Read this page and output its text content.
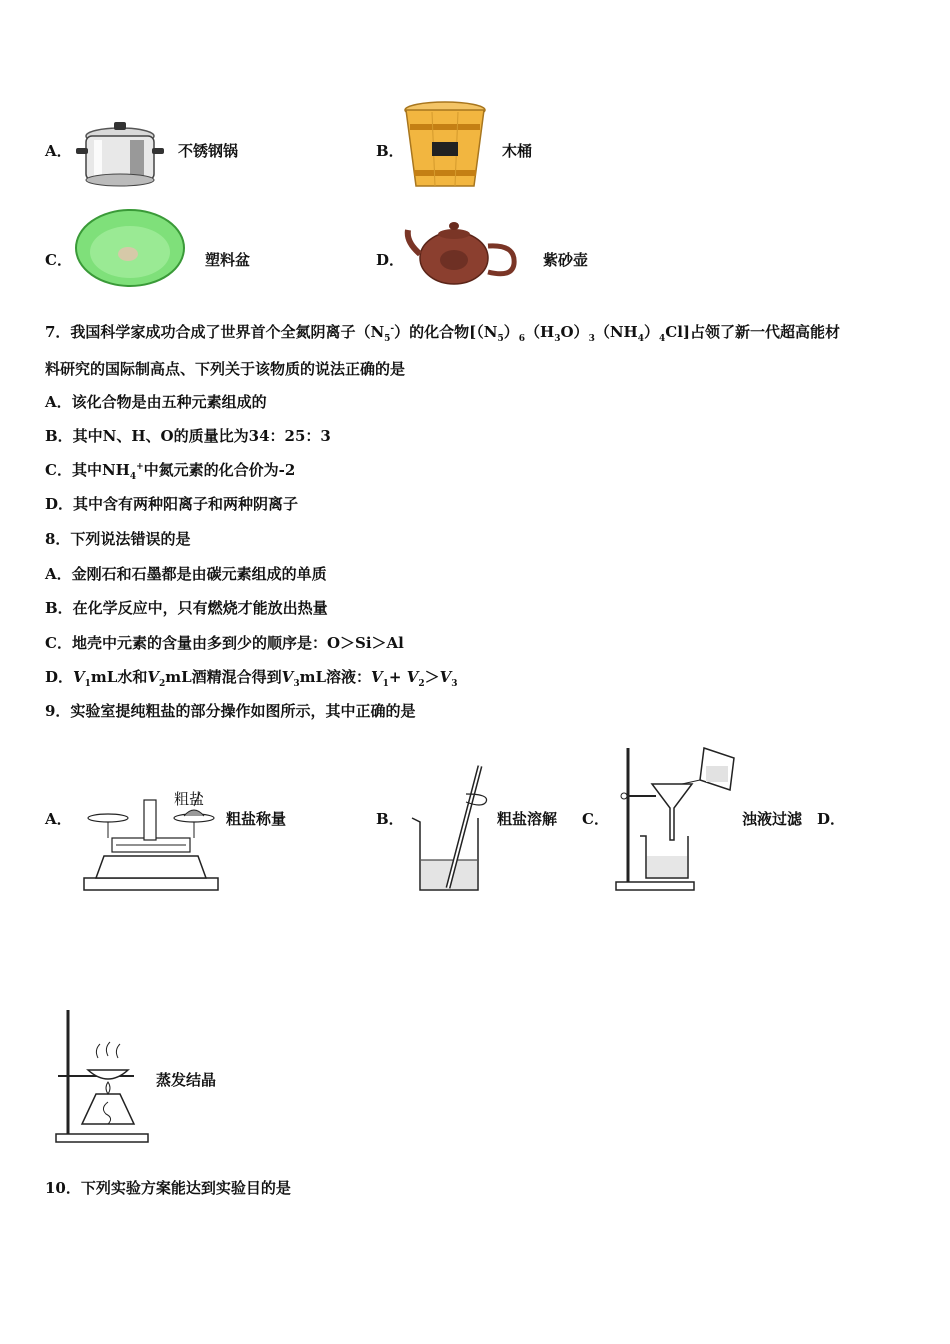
A．	不锈钢锅	B．	木桶
C．	塑料盆	D．	紫砂壶
7．我国科学家成功合成了世界首个全氮阴离子$(N_5^-)$的化合物$[(N_5)_6(H_3O)_3(NH_4)_4Cl]$占领了新一代超高能材
料研究的国际制高点、下列关于该物质的说法正确的是
A．该化合物是由五种元素组成的
B．其中N、H、O的质量比为34：25：3
C．其中$NH_4^+$中氮元素的化合价为-2
D．其中含有两种阳离子和两种阴离子
8．下列说法错误的是
A．金刚石和石墨都是由碳元素组成的单质
B．在化学反应中，只有燃烧才能放出热量
C．地壳中元素的含量由多到少的顺序是：O＞Si＞Al
D．$V_1mL$水和$V_2mL$酒精混合得到$V_3mL$溶液：$V_1+ V_2>V_3$
9．实验室提纯粗盐的部分操作如图所示，其中正确的是
A．
粗盐
粗盐称量	B．	粗盐溶解 C．	浊液过滤 D．
蒸发结晶
10．下列实验方案能达到实验目的是
